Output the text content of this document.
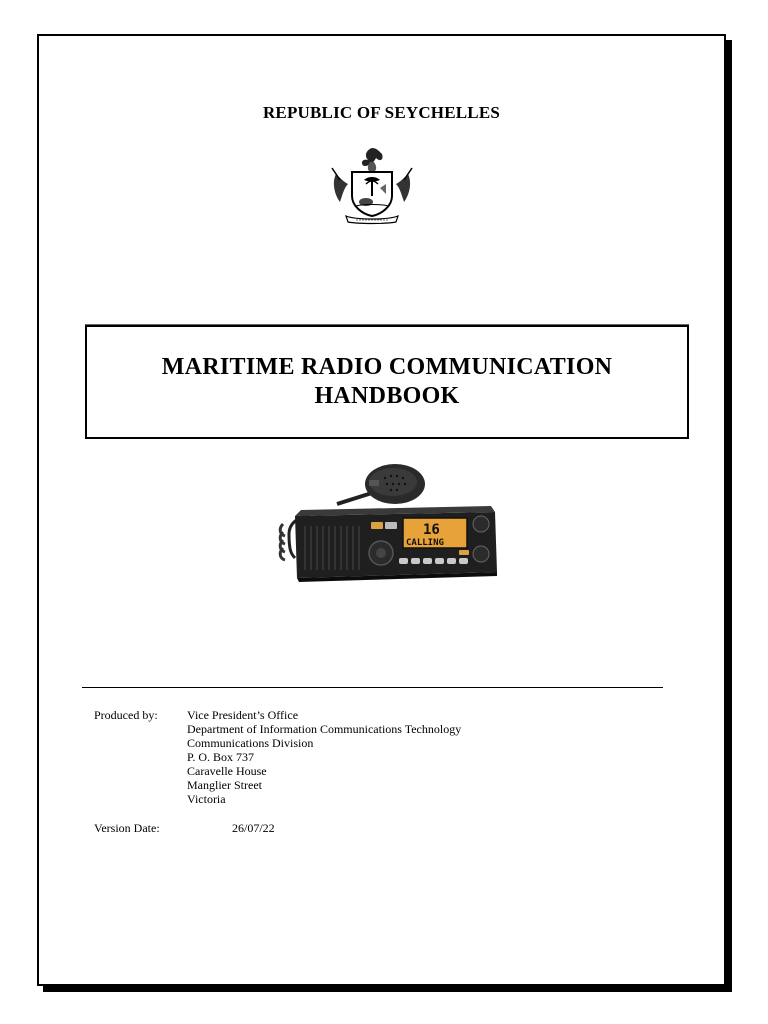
REPUBLIC OF SEYCHELLES
MARITIME RADIO COMMUNICATION
HANDBOOK
16
CALLING
Produced by:	Vice President’s Office
Department of Information Communications Technology
Communications Division
P. O. Box 737
Caravelle House
Manglier Street
Victoria
Version Date:	26/07/22
